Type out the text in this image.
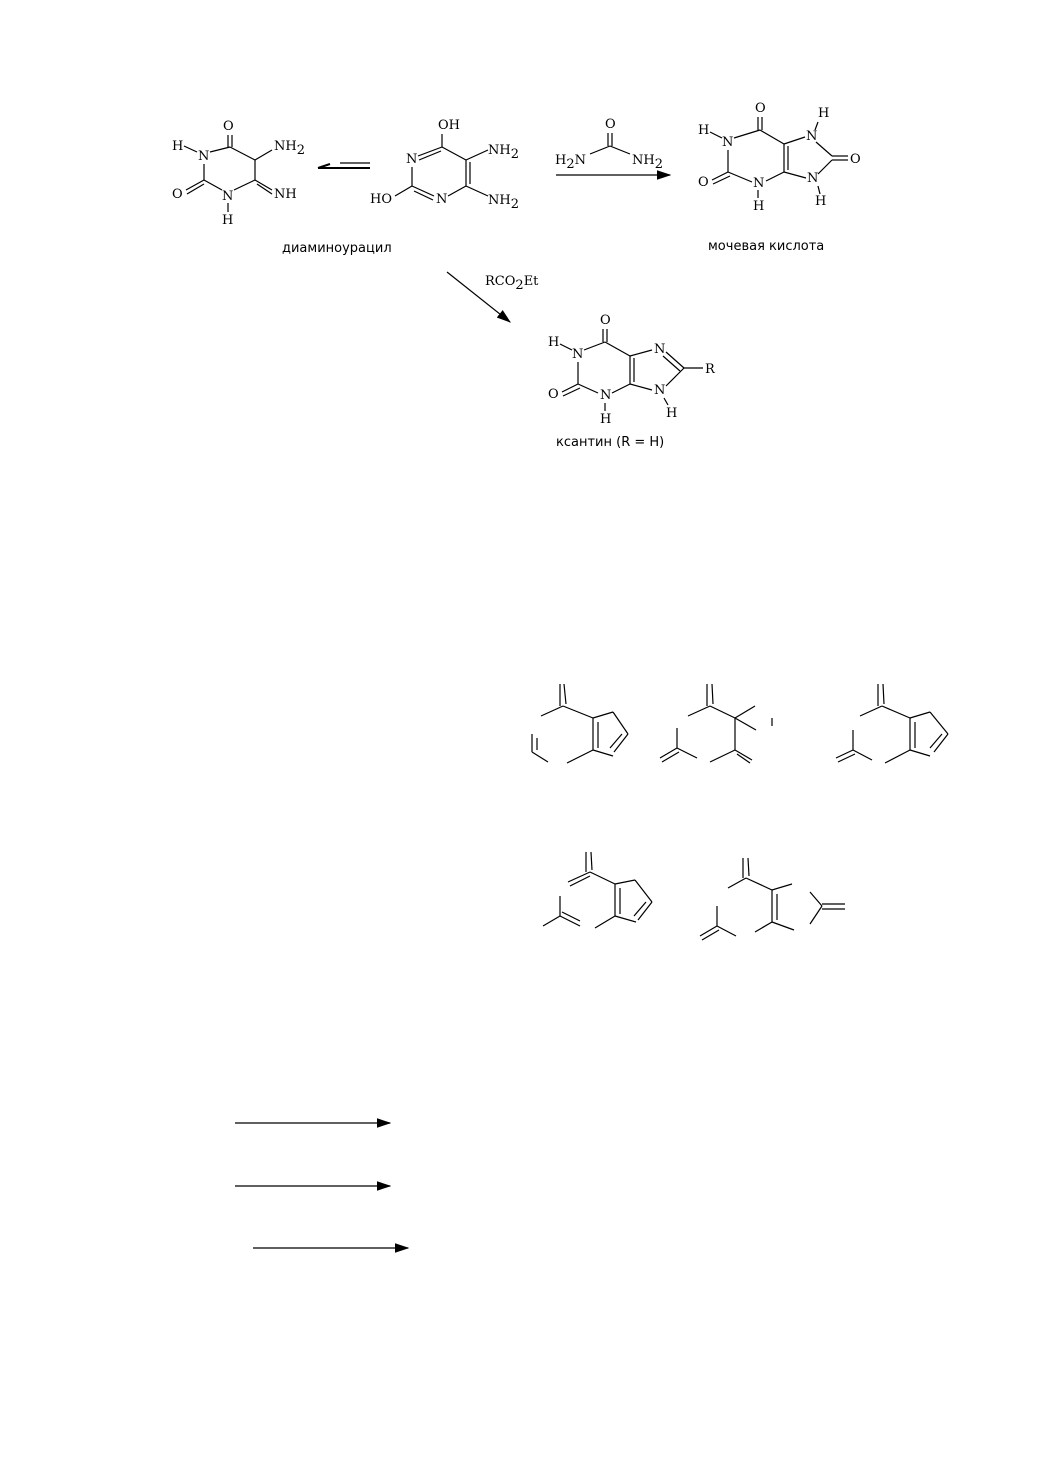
O
H
N
NH2
O	N	NH
H
диаминоурацил
OH
N
NH2
HO	N	NH2
O
H2N	NH2
O	H
H
N	N
O
O	N	N
H	H
мочевая кислота
RCO2Et
O
H
N	N
R
O	N	N
H	H
ксантин (R = H)
